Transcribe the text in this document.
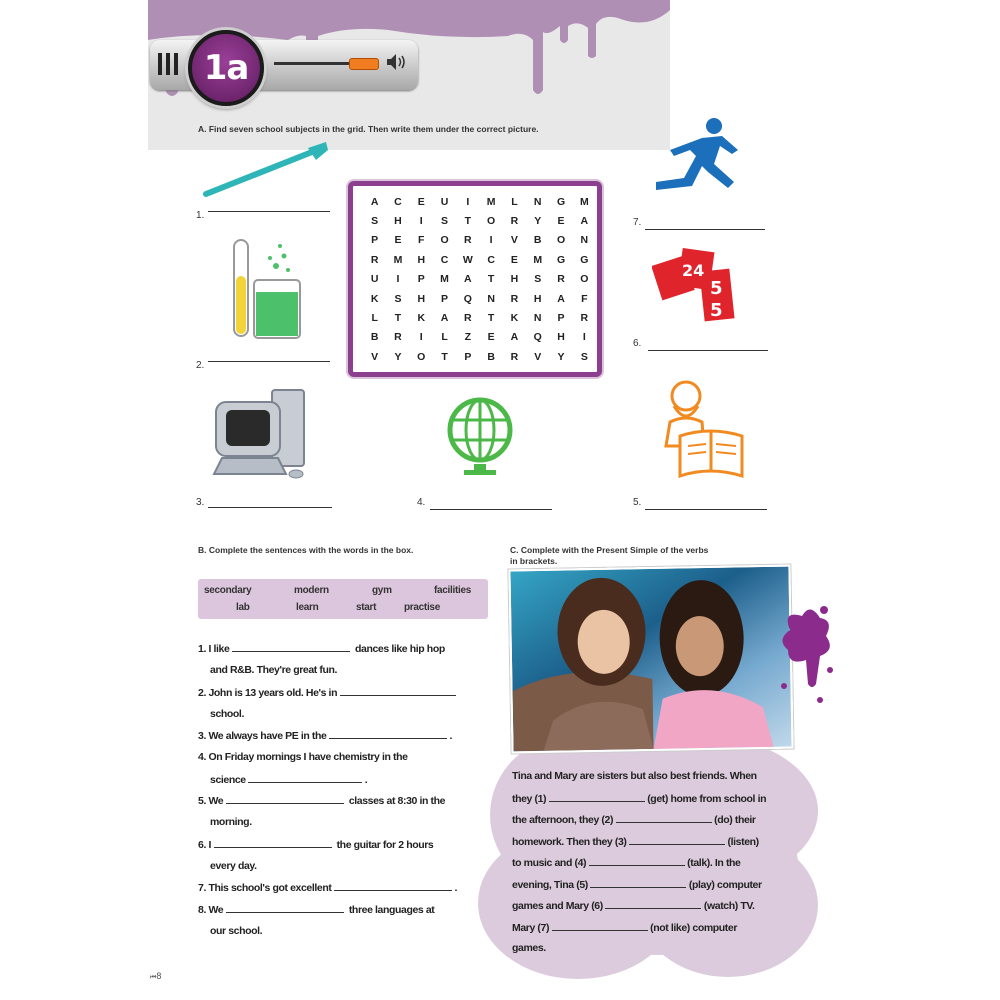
1a
A. Find seven school subjects in the grid. Then write them under the correct picture.
1.
2.
3.	4.	5.
24
5
5
6.
7.
A	C	E	U	I	M	L	N	G	M
S	H	I	S	T	O	R	Y	E	A
P	E	F	O	R	I	V	B	O	N
R	M	H	C	W	C	E	M	G	G
U	I	P	M	A	T	H	S	R	O
K	S	H	P	Q	N	R	H	A	F
L	T	K	A	R	T	K	N	P	R
B	R	I	L	Z	E	A	Q	H	I
V	Y	O	T	P	B	R	V	Y	S
B. Complete the sentences with the words in the box.
secondary	modern	gym	facilities
lab	learn	start	practise
1. I like	dances like hip hop
and R&B. They're great fun.
2. John is 13 years old. He's in
school.
3. We always have PE in the	.
4. On Friday mornings I have chemistry in the
science	.
5. We	classes at 8:30 in the
morning.
6. I	the guitar for 2 hours
every day.
7. This school's got excellent	.
8. We	three languages at
our school.
C. Complete with the Present Simple of the verbs
in brackets.
Tina and Mary are sisters but also best friends. When
they (1)	(get) home from school in
the afternoon, they (2)	(do) their
homework. Then they (3)	(listen)
to music and (4)	(talk). In the
evening, Tina (5)	(play) computer
games and Mary (6)	(watch) TV.
Mary (7)	(not like) computer
games.
⏮8
